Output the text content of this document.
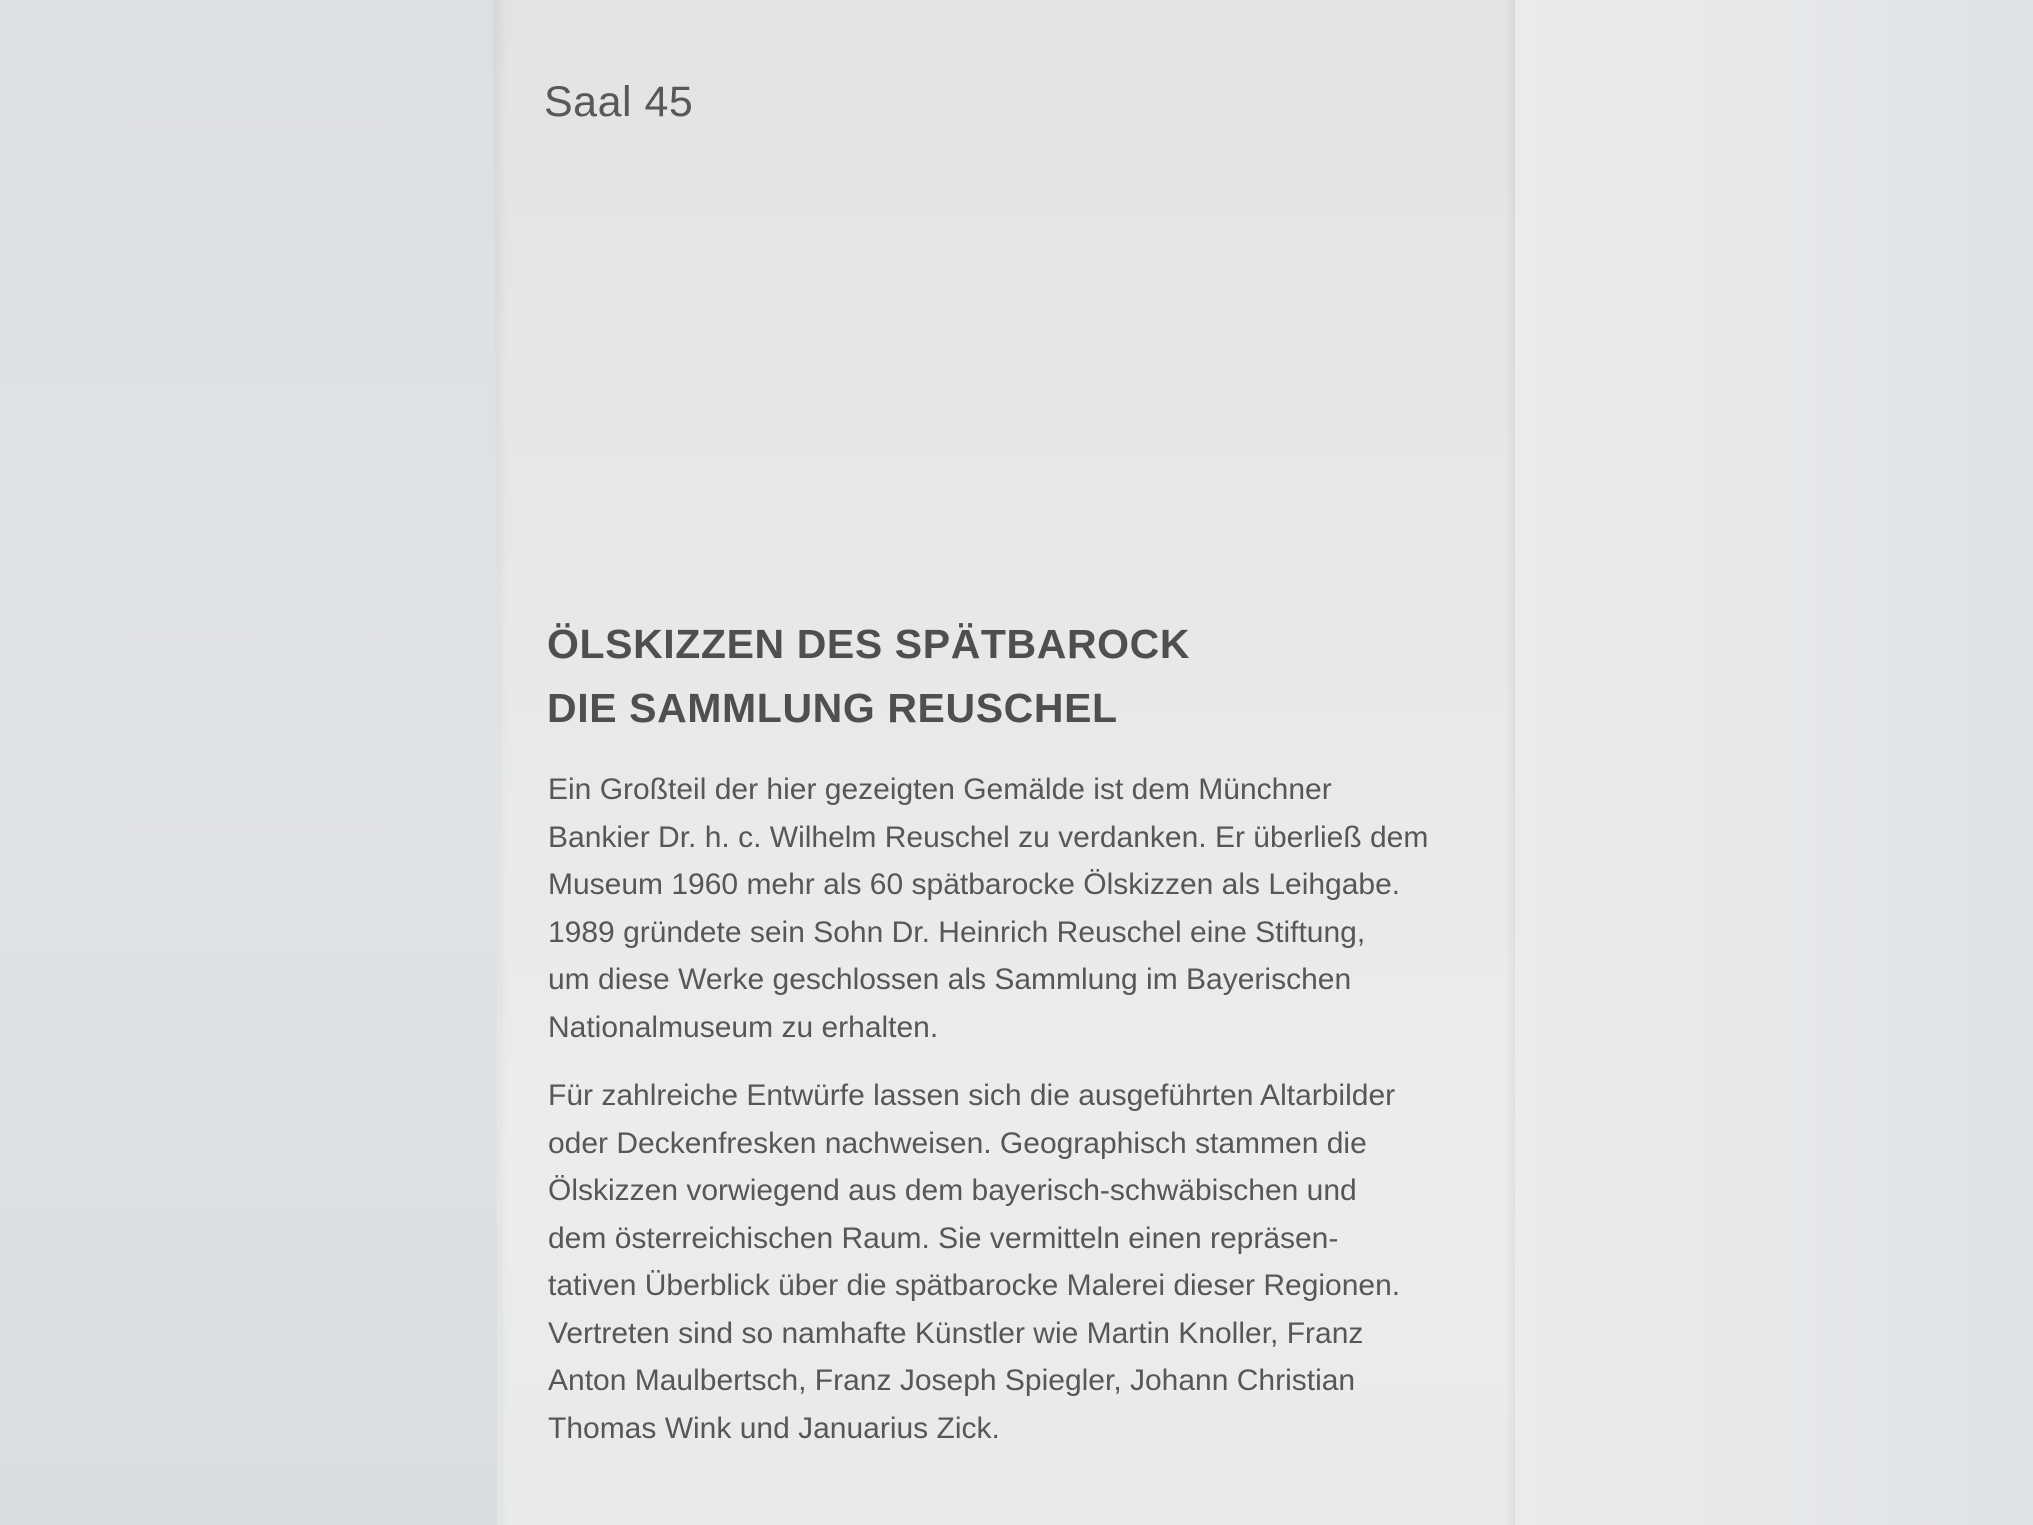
Saal 45
ÖLSKIZZEN DES SPÄTBAROCK
DIE SAMMLUNG REUSCHEL
Ein Großteil der hier gezeigten Gemälde ist dem Münchner
Bankier Dr. h. c. Wilhelm Reuschel zu verdanken. Er überließ dem
Museum 1960 mehr als 60 spätbarocke Ölskizzen als Leihgabe.
1989 gründete sein Sohn Dr. Heinrich Reuschel eine Stiftung,
um diese Werke geschlossen als Sammlung im Bayerischen
Nationalmuseum zu erhalten.
Für zahlreiche Entwürfe lassen sich die ausgeführten Altarbilder
oder Deckenfresken nachweisen. Geographisch stammen die
Ölskizzen vorwiegend aus dem bayerisch-schwäbischen und
dem österreichischen Raum. Sie vermitteln einen repräsen-
tativen Überblick über die spätbarocke Malerei dieser Regionen.
Vertreten sind so namhafte Künstler wie Martin Knoller, Franz
Anton Maulbertsch, Franz Joseph Spiegler, Johann Christian
Thomas Wink und Januarius Zick.
